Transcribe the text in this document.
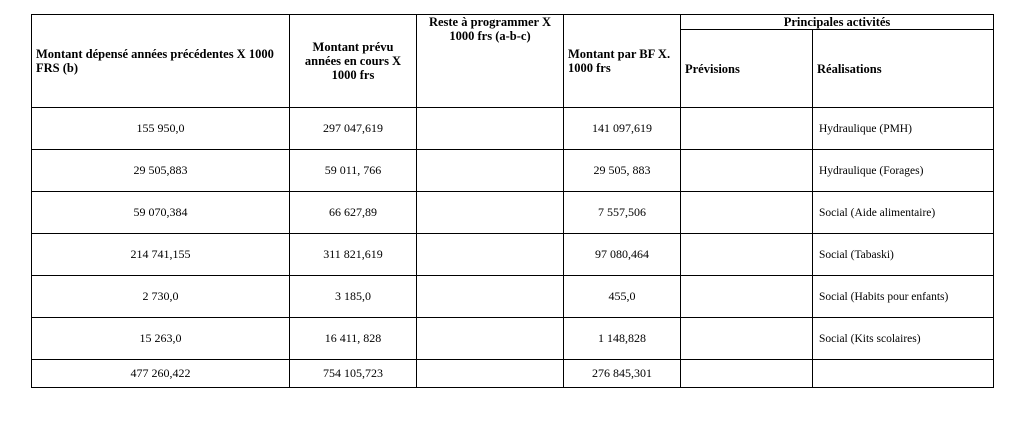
Montant dépensé années précédentes X 1000 FRS (b)	Montant prévu années en cours X 1000 frs	Reste à programmer X 1000 frs (a-b-c)	Montant par BF X. 1000 frs	Principales activités	
				Prévisions	Réalisations
155 950,0	297 047,619		141 097,619		Hydraulique (PMH)
29 505,883	59 011, 766		29 505, 883		Hydraulique (Forages)
59 070,384	66 627,89		7 557,506		Social (Aide alimentaire)
214 741,155	311 821,619		97 080,464		Social (Tabaski)
2 730,0	3 185,0		455,0		Social (Habits pour enfants)
15 263,0	16 411, 828		1 148,828		Social (Kits scolaires)
477 260,422	754 105,723		276 845,301		
